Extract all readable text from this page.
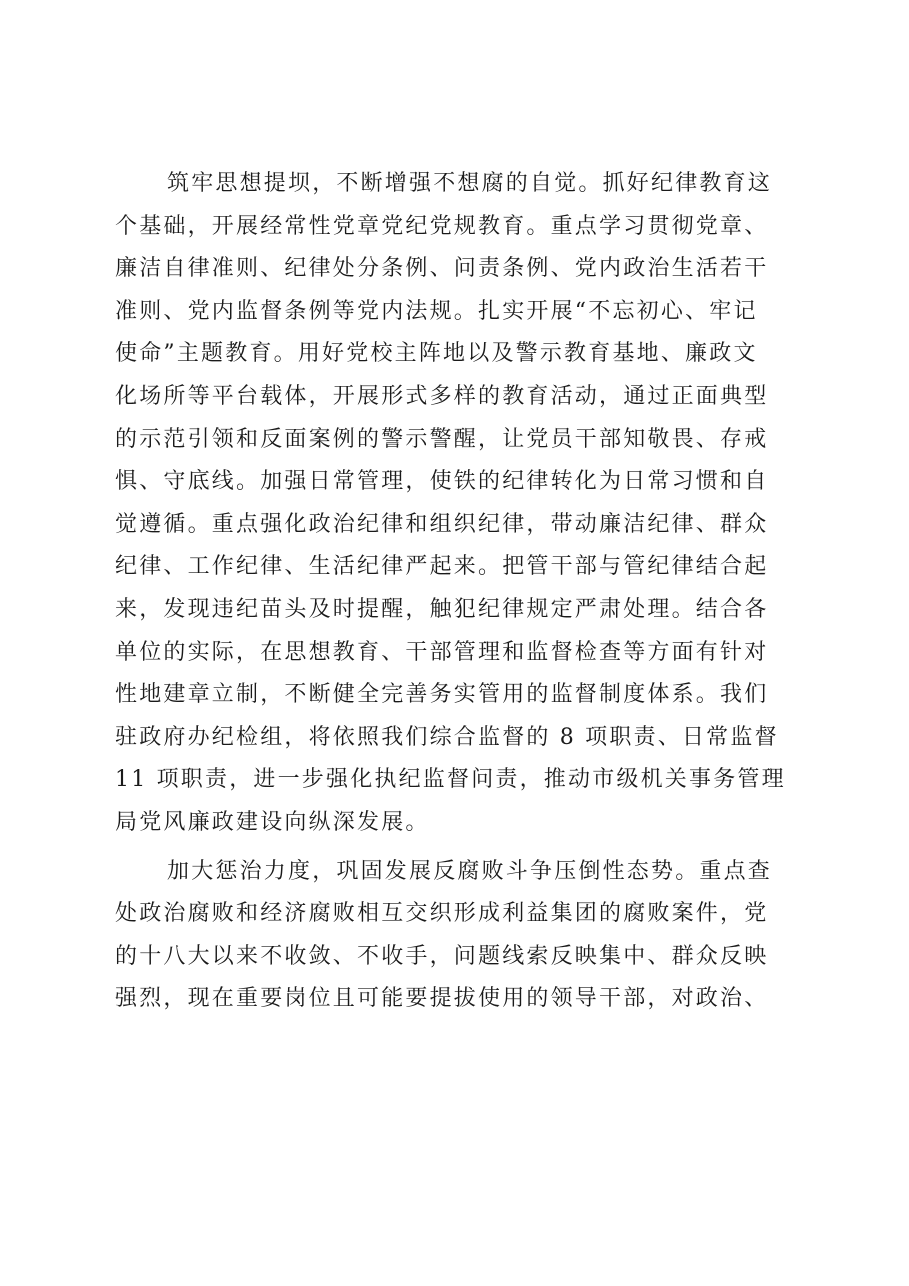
筑牢思想提坝，不断增强不想腐的自觉。抓好纪律教育这
个基础，开展经常性党章党纪党规教育。重点学习贯彻党章、
廉洁自律准则、纪律处分条例、问责条例、党内政治生活若干
准则、党内监督条例等党内法规。扎实开展“不忘初心、牢记
使命”主题教育。用好党校主阵地以及警示教育基地、廉政文
化场所等平台载体，开展形式多样的教育活动，通过正面典型
的示范引领和反面案例的警示警醒，让党员干部知敬畏、存戒
惧、守底线。加强日常管理，使铁的纪律转化为日常习惯和自
觉遵循。重点强化政治纪律和组织纪律，带动廉洁纪律、群众
纪律、工作纪律、生活纪律严起来。把管干部与管纪律结合起
来，发现违纪苗头及时提醒，触犯纪律规定严肃处理。结合各
单位的实际，在思想教育、干部管理和监督检查等方面有针对
性地建章立制，不断健全完善务实管用的监督制度体系。我们
驻政府办纪检组，将依照我们综合监督的 8 项职责、日常监督
11 项职责，进一步强化执纪监督问责，推动市级机关事务管理
局党风廉政建设向纵深发展。
加大惩治力度，巩固发展反腐败斗争压倒性态势。重点查
处政治腐败和经济腐败相互交织形成利益集团的腐败案件，党
的十八大以来不收敛、不收手，问题线索反映集中、群众反映
强烈，现在重要岗位且可能要提拔使用的领导干部，对政治、
